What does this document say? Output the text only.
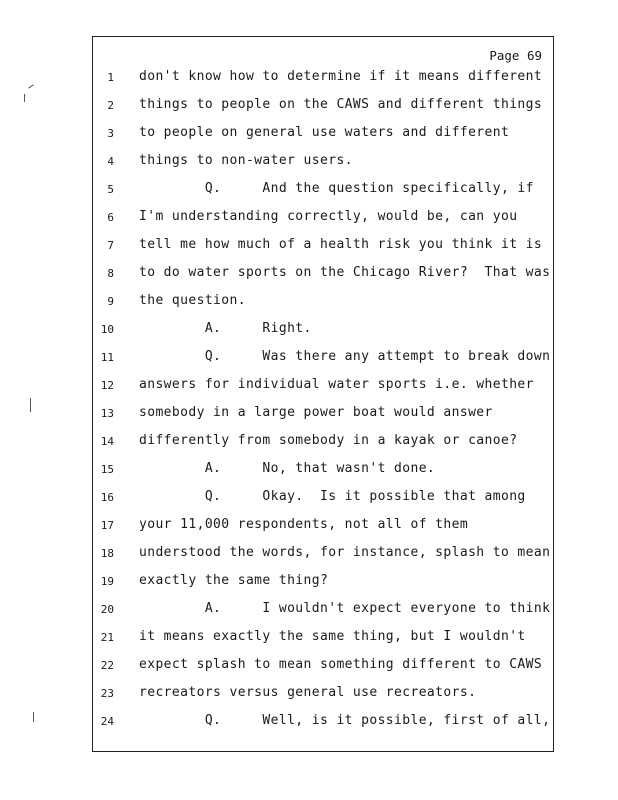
Page 69
1 don't know how to determine if it means different
2 things to people on the CAWS and different things
3 to people on general use waters and different
4 things to non-water users.
5 Q.     And the question specifically, if
6 I'm understanding correctly, would be, can you
7 tell me how much of a health risk you think it is
8 to do water sports on the Chicago River?  That was
9 the question.
10 A.     Right.
11 Q.     Was there any attempt to break down
12 answers for individual water sports i.e. whether
13 somebody in a large power boat would answer
14 differently from somebody in a kayak or canoe?
15 A.     No, that wasn't done.
16 Q.     Okay.  Is it possible that among
17 your 11,000 respondents, not all of them
18 understood the words, for instance, splash to mean
19 exactly the same thing?
20 A.     I wouldn't expect everyone to think
21 it means exactly the same thing, but I wouldn't
22 expect splash to mean something different to CAWS
23 recreators versus general use recreators.
24 Q.     Well, is it possible, first of all,
